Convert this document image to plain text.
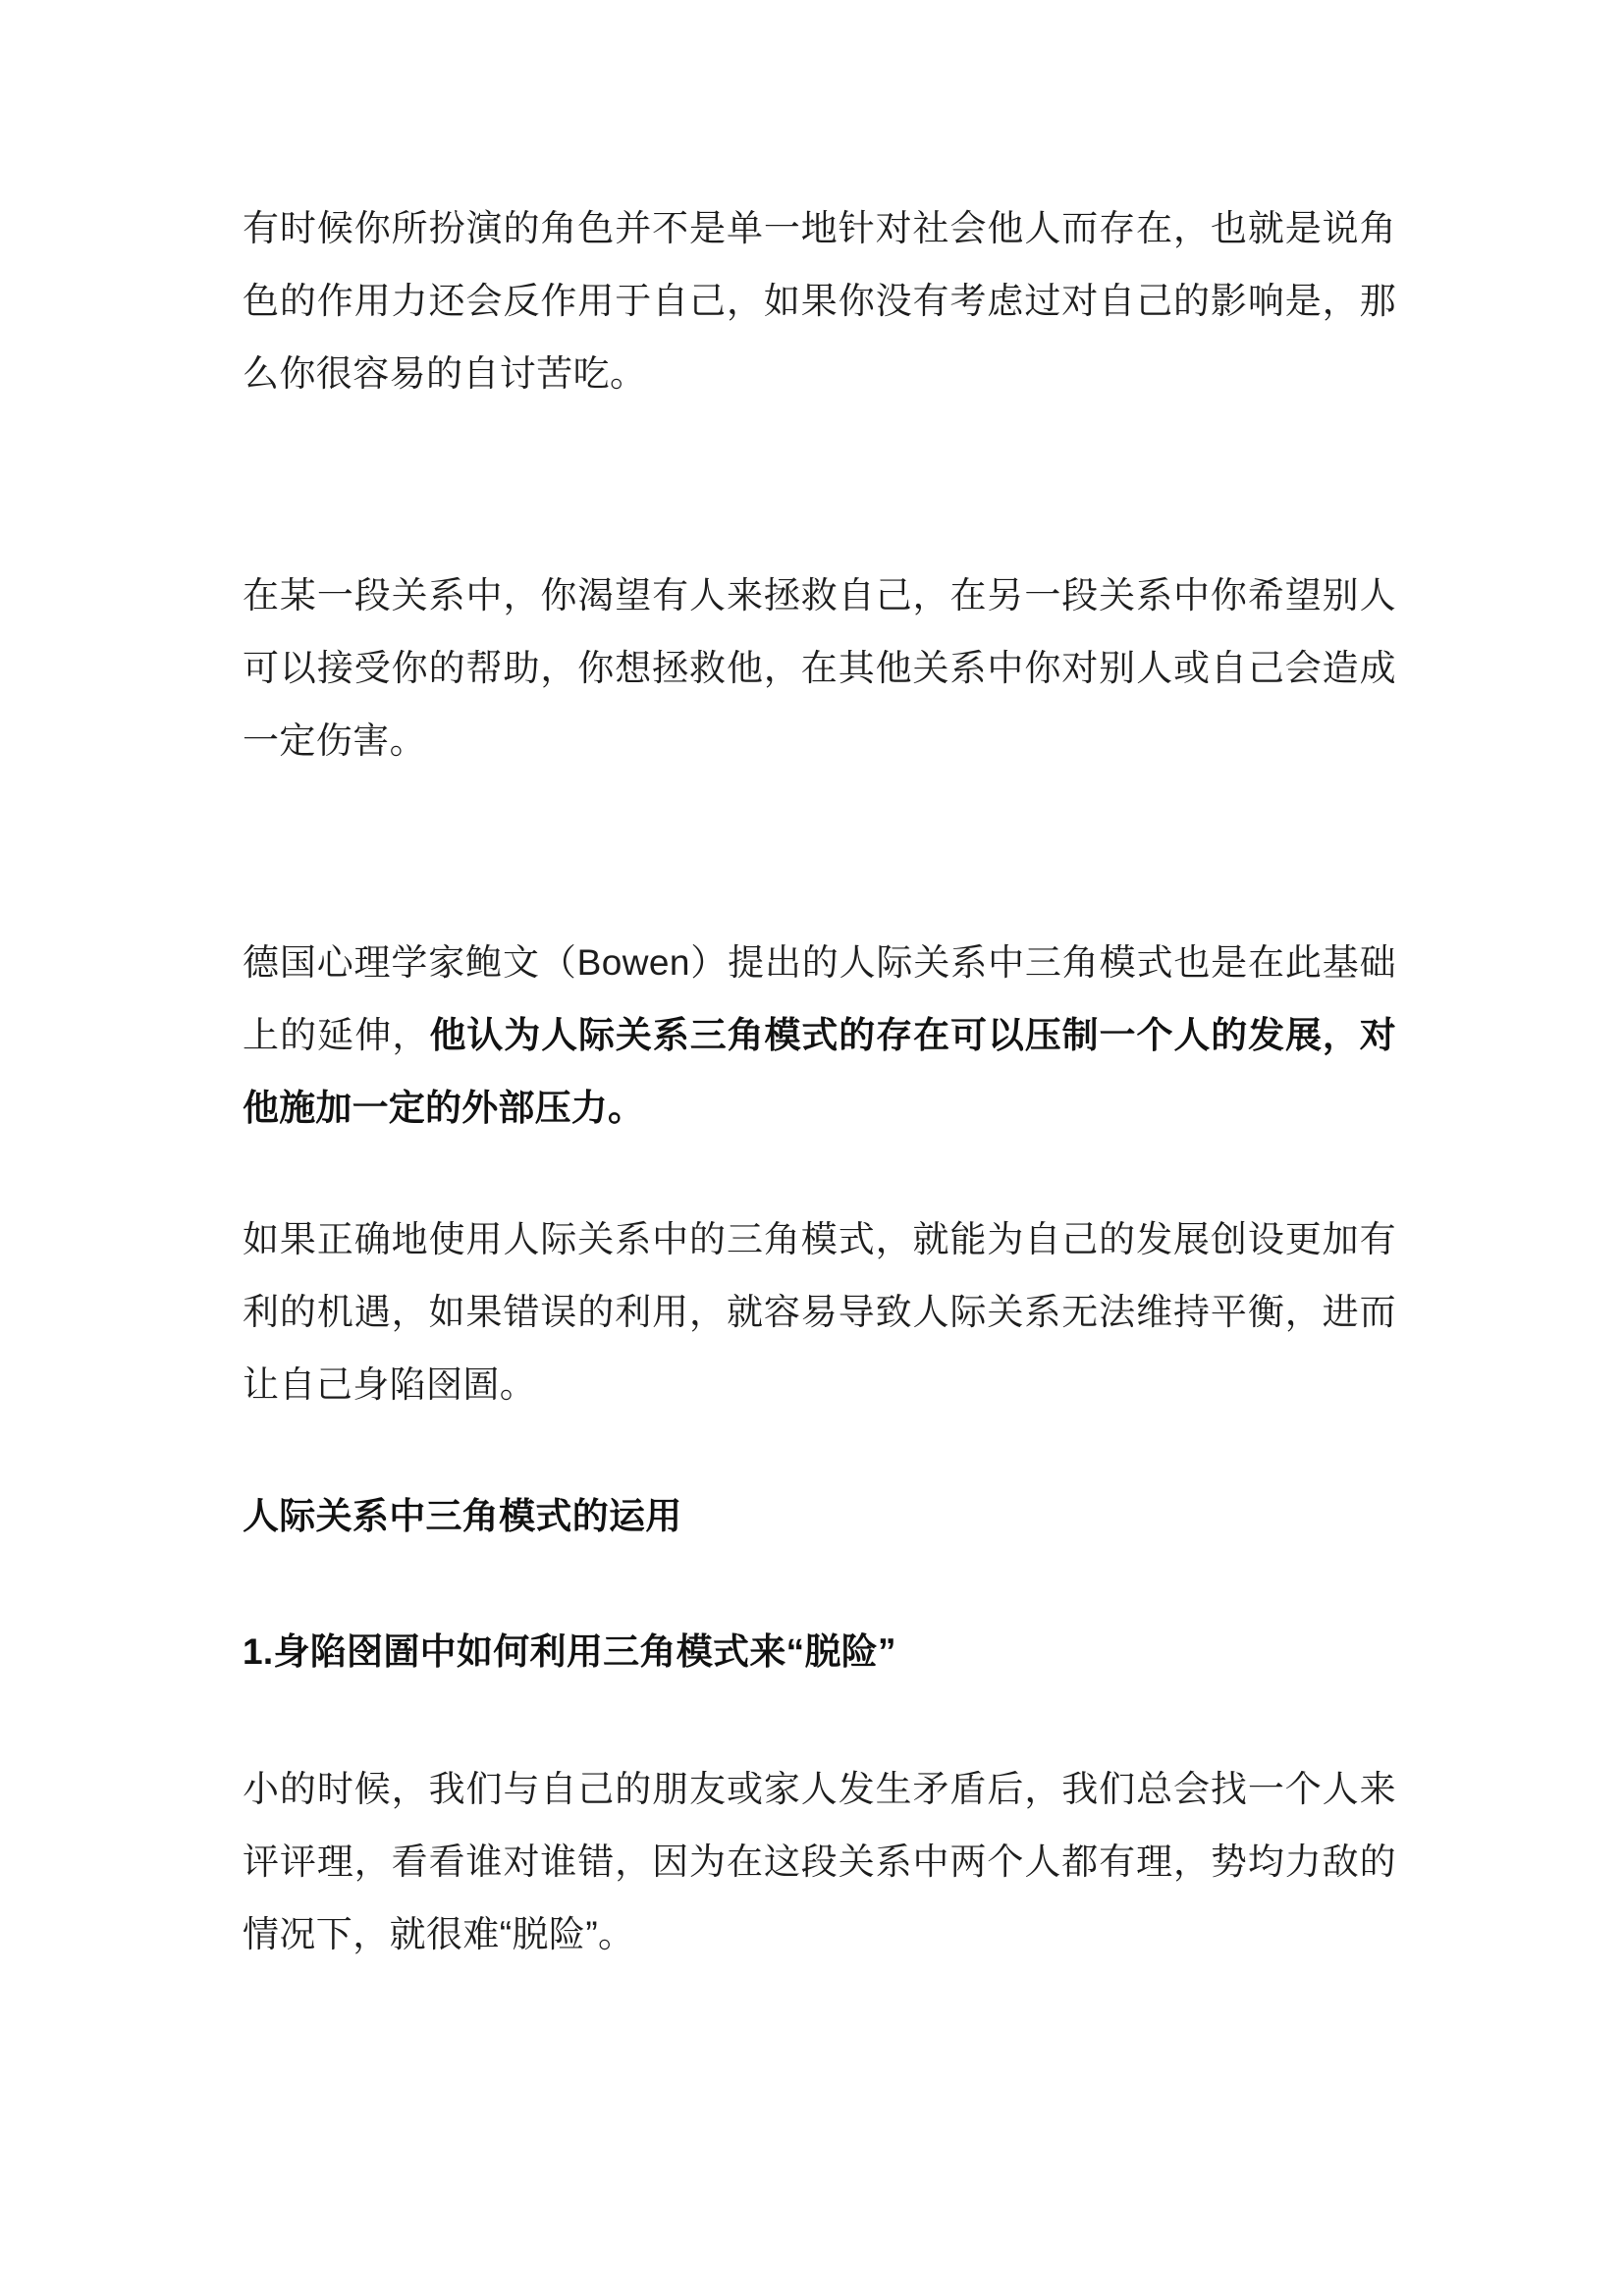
有时候你所扮演的角色并不是单一地针对社会他人而存在，也就是说角色的作用力还会反作用于自己，如果你没有考虑过对自己的影响是，那么你很容易的自讨苦吃。

在某一段关系中，你渴望有人来拯救自己，在另一段关系中你希望别人可以接受你的帮助，你想拯救他，在其他关系中你对别人或自己会造成一定伤害。

德国心理学家鲍文（Bowen）提出的人际关系中三角模式也是在此基础上的延伸，他认为人际关系三角模式的存在可以压制一个人的发展，对他施加一定的外部压力。

如果正确地使用人际关系中的三角模式，就能为自己的发展创设更加有利的机遇，如果错误的利用，就容易导致人际关系无法维持平衡，进而让自己身陷囹圄。

人际关系中三角模式的运用
1.身陷囹圄中如何利用三角模式来“脱险”

小的时候，我们与自己的朋友或家人发生矛盾后，我们总会找一个人来评评理，看看谁对谁错，因为在这段关系中两个人都有理，势均力敌的情况下，就很难“脱险”。
